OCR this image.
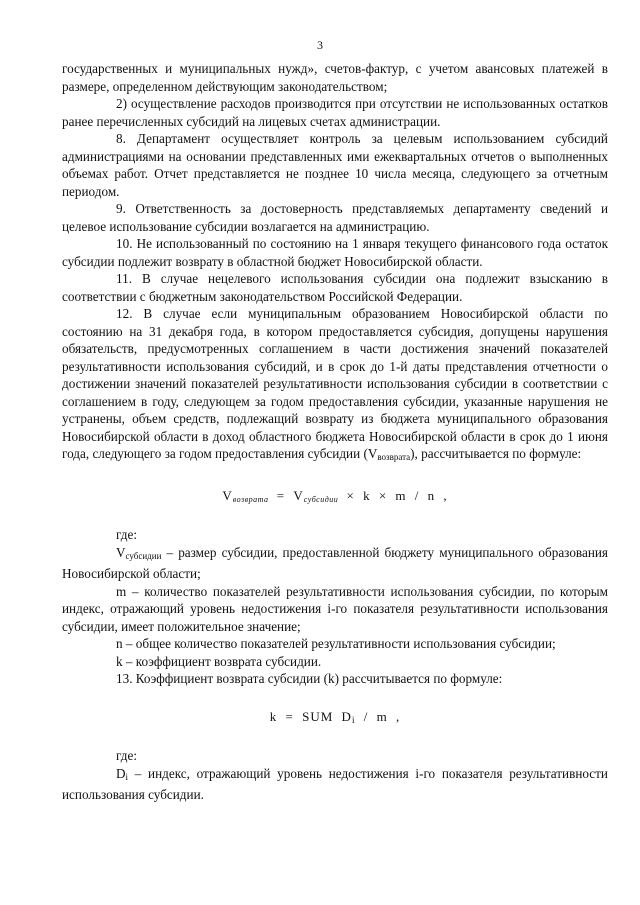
3

государственных и муниципальных нужд», счетов-фактур, с учетом авансовых платежей в размере, определенном действующим законодательством;

2) осуществление расходов производится при отсутствии не использованных остатков ранее перечисленных субсидий на лицевых счетах администрации.

8. Департамент осуществляет контроль за целевым использованием субсидий администрациями на основании представленных ими ежеквартальных отчетов о выполненных объемах работ. Отчет представляется не позднее 10 числа месяца, следующего за отчетным периодом.

9. Ответственность за достоверность представляемых департаменту сведений и целевое использование субсидии возлагается на администрацию.

10. Не использованный по состоянию на 1 января текущего финансового года остаток субсидии подлежит возврату в областной бюджет Новосибирской области.

11. В случае нецелевого использования субсидии она подлежит взысканию в соответствии с бюджетным законодательством Российской Федерации.

12. В случае если муниципальным образованием Новосибирской области по состоянию на 31 декабря года, в котором предоставляется субсидия, допущены нарушения обязательств, предусмотренных соглашением в части достижения значений показателей результативности использования субсидий, и в срок до 1-й даты представления отчетности о достижении значений показателей результативности использования субсидии в соответствии с соглашением в году, следующем за годом предоставления субсидии, указанные нарушения не устранены, объем средств, подлежащий возврату из бюджета муниципального образования Новосибирской области в доход областного бюджета Новосибирской области в срок до 1 июня года, следующего за годом предоставления субсидии (Vвозврата), рассчитывается по формуле:

$V_{возврата} = V_{субсидии} \times k \times m / n$ ,

где:

Vсубсидии – размер субсидии, предоставленной бюджету муниципального образования Новосибирской области;

m – количество показателей результативности использования субсидии, по которым индекс, отражающий уровень недостижения i-го показателя результативности использования субсидии, имеет положительное значение;

n – общее количество показателей результативности использования субсидии;

k – коэффициент возврата субсидии.

13. Коэффициент возврата субсидии (k) рассчитывается по формуле:

k = SUM Di / m ,

где:

Di – индекс, отражающий уровень недостижения i-го показателя результативности использования субсидии.
